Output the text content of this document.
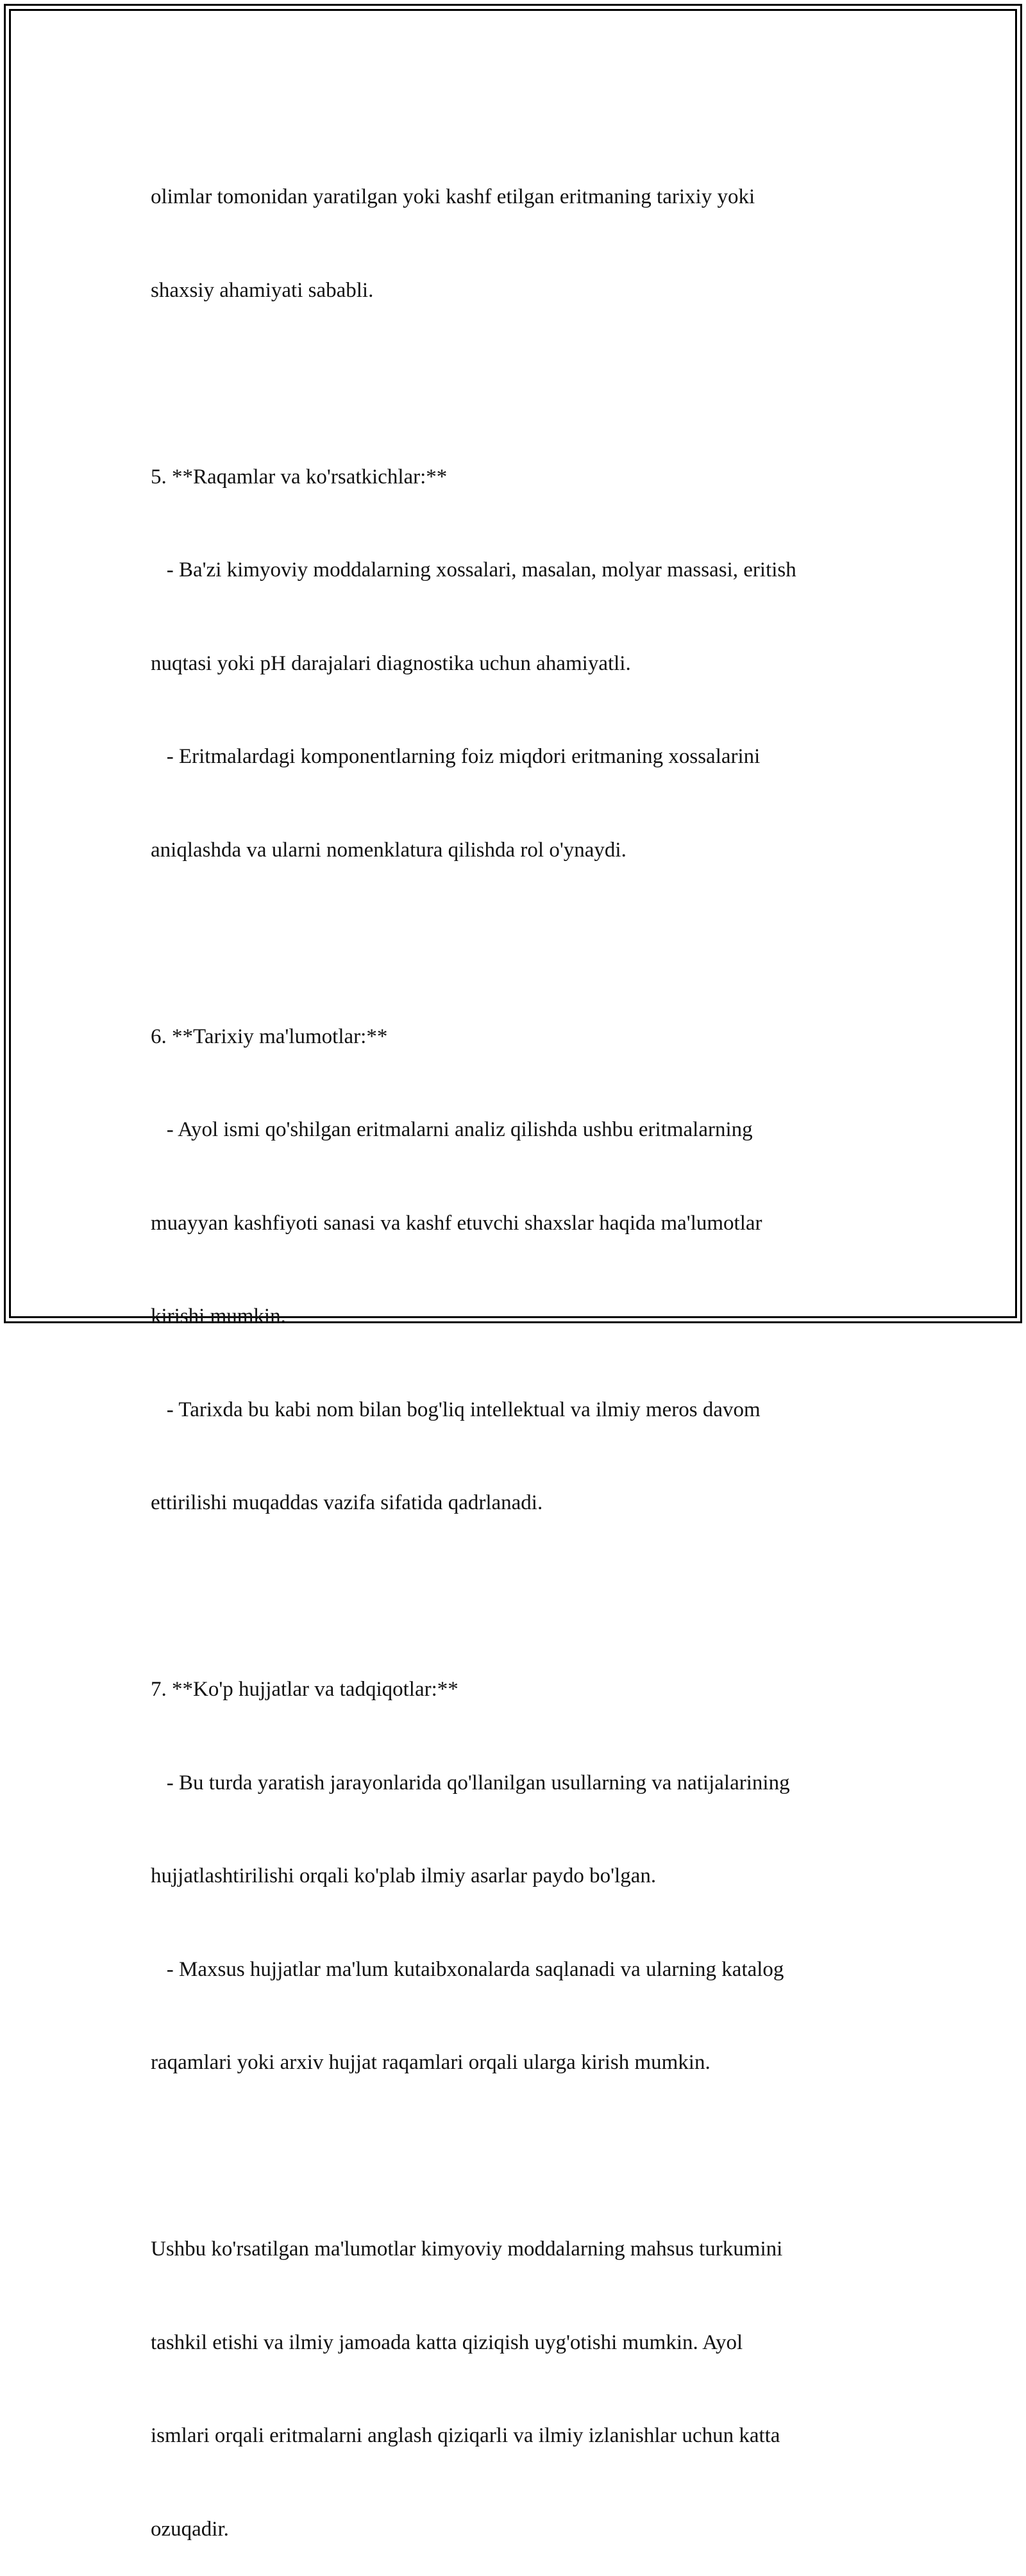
olimlar tomonidan yaratilgan yoki kashf etilgan eritmaning tarixiy yoki

shaxsiy ahamiyati sababli.

5. **Raqamlar va ko'rsatkichlar:**

- Ba'zi kimyoviy moddalarning xossalari, masalan, molyar massasi, eritish

nuqtasi yoki pH darajalari diagnostika uchun ahamiyatli.

- Eritmalardagi komponentlarning foiz miqdori eritmaning xossalarini

aniqlashda va ularni nomenklatura qilishda rol o'ynaydi.

6. **Tarixiy ma'lumotlar:**

- Ayol ismi qo'shilgan eritmalarni analiz qilishda ushbu eritmalarning

muayyan kashfiyoti sanasi va kashf etuvchi shaxslar haqida ma'lumotlar

kirishi mumkin.

- Tarixda bu kabi nom bilan bog'liq intellektual va ilmiy meros davom

ettirilishi muqaddas vazifa sifatida qadrlanadi.

7. **Ko'p hujjatlar va tadqiqotlar:**

- Bu turda yaratish jarayonlarida qo'llanilgan usullarning va natijalarining

hujjatlashtirilishi orqali ko'plab ilmiy asarlar paydo bo'lgan.

- Maxsus hujjatlar ma'lum kutaibxonalarda saqlanadi va ularning katalog

raqamlari yoki arxiv hujjat raqamlari orqali ularga kirish mumkin.

Ushbu ko'rsatilgan ma'lumotlar kimyoviy moddalarning mahsus turkumini

tashkil etishi va ilmiy jamoada katta qiziqish uyg'otishi mumkin. Ayol

ismlari orqali eritmalarni anglash qiziqarli va ilmiy izlanishlar uchun katta

ozuqadir.
